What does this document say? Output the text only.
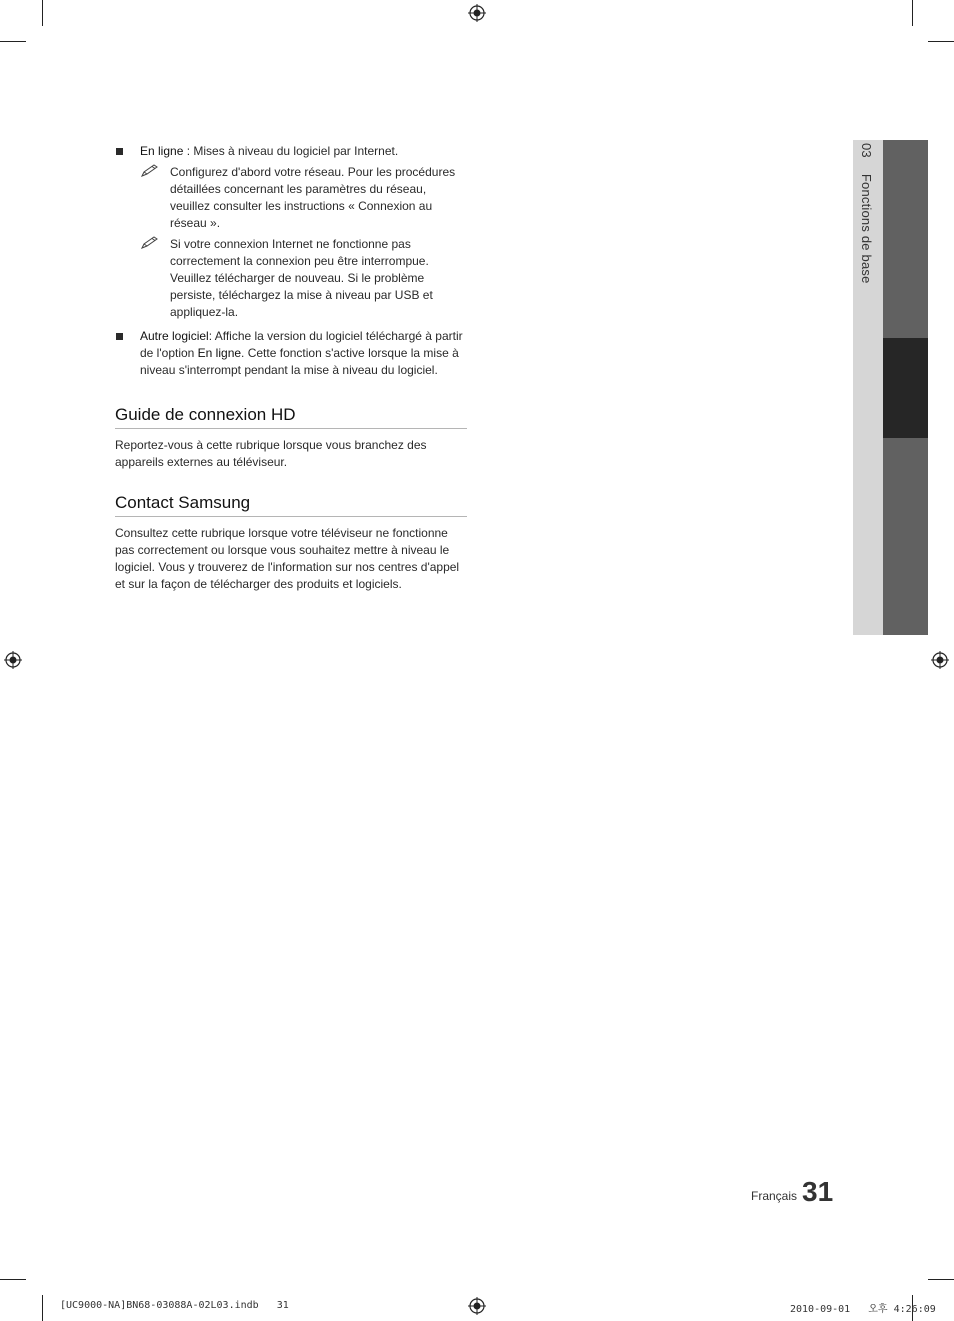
03Fonctions de base
En ligne : Mises à niveau du logiciel par Internet.
Configurez d'abord votre réseau. Pour les procédures détaillées concernant les paramètres du réseau, veuillez consulter les instructions « Connexion au réseau ».
Si votre connexion Internet ne fonctionne pas correctement la connexion peu être interrompue. Veuillez télécharger de nouveau. Si le problème persiste, téléchargez la mise à niveau par USB et appliquez-la.
Autre logiciel: Affiche la version du logiciel téléchargé à partir de l'option En ligne. Cette fonction s'active lorsque la mise à niveau s'interrompt pendant la mise à niveau du logiciel.
Guide de connexion HD
Reportez-vous à cette rubrique lorsque vous branchez des appareils externes au téléviseur.
Contact Samsung
Consultez cette rubrique lorsque votre téléviseur ne fonctionne pas correctement ou lorsque vous souhaitez mettre à niveau le logiciel. Vous y trouverez de l'information sur nos centres d'appel et sur la façon de télécharger des produits et logiciels.
Français 31
[UC9000-NA]BN68-03088A-02L03.indb   31	2010-09-01   오후 4:26:09
